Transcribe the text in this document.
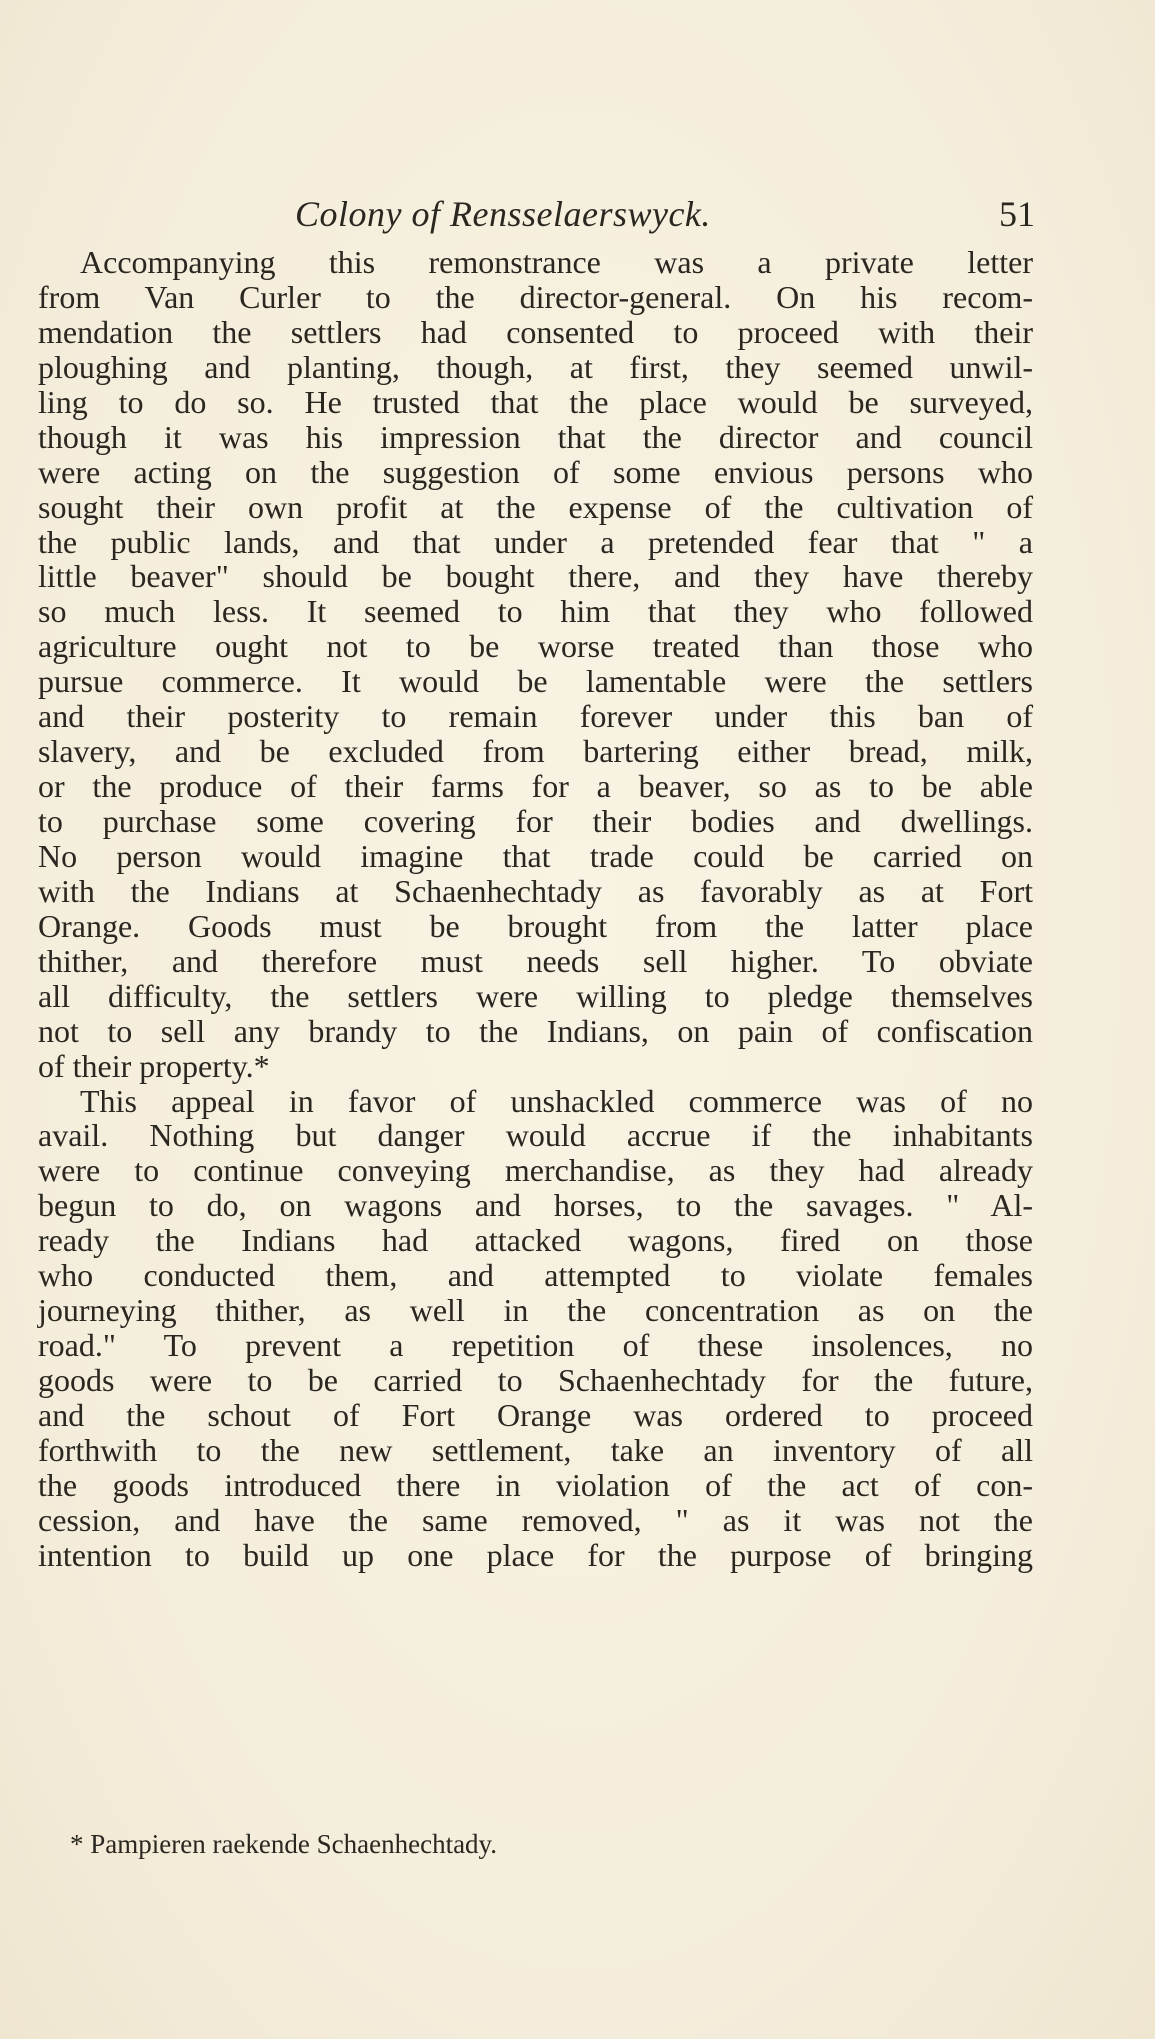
Colony of Rensselaerswyck.	51
Accompanying this remonstrance was a private letter
from Van Curler to the director-general. On his recom-
mendation the settlers had consented to proceed with their
ploughing and planting, though, at first, they seemed unwil-
ling to do so. He trusted that the place would be surveyed,
though it was his impression that the director and council
were acting on the suggestion of some envious persons who
sought their own profit at the expense of the cultivation of
the public lands, and that under a pretended fear that " a
little beaver" should be bought there, and they have thereby
so much less. It seemed to him that they who followed
agriculture ought not to be worse treated than those who
pursue commerce. It would be lamentable were the settlers
and their posterity to remain forever under this ban of
slavery, and be excluded from bartering either bread, milk,
or the produce of their farms for a beaver, so as to be able
to purchase some covering for their bodies and dwellings.
No person would imagine that trade could be carried on
with the Indians at Schaenhechtady as favorably as at Fort
Orange. Goods must be brought from the latter place
thither, and therefore must needs sell higher. To obviate
all difficulty, the settlers were willing to pledge themselves
not to sell any brandy to the Indians, on pain of confiscation
of their property.*
This appeal in favor of unshackled commerce was of no
avail. Nothing but danger would accrue if the inhabitants
were to continue conveying merchandise, as they had already
begun to do, on wagons and horses, to the savages. " Al-
ready the Indians had attacked wagons, fired on those
who conducted them, and attempted to violate females
journeying thither, as well in the concentration as on the
road." To prevent a repetition of these insolences, no
goods were to be carried to Schaenhechtady for the future,
and the schout of Fort Orange was ordered to proceed
forthwith to the new settlement, take an inventory of all
the goods introduced there in violation of the act of con-
cession, and have the same removed, " as it was not the
intention to build up one place for the purpose of bringing
* Pampieren raekende Schaenhechtady.
